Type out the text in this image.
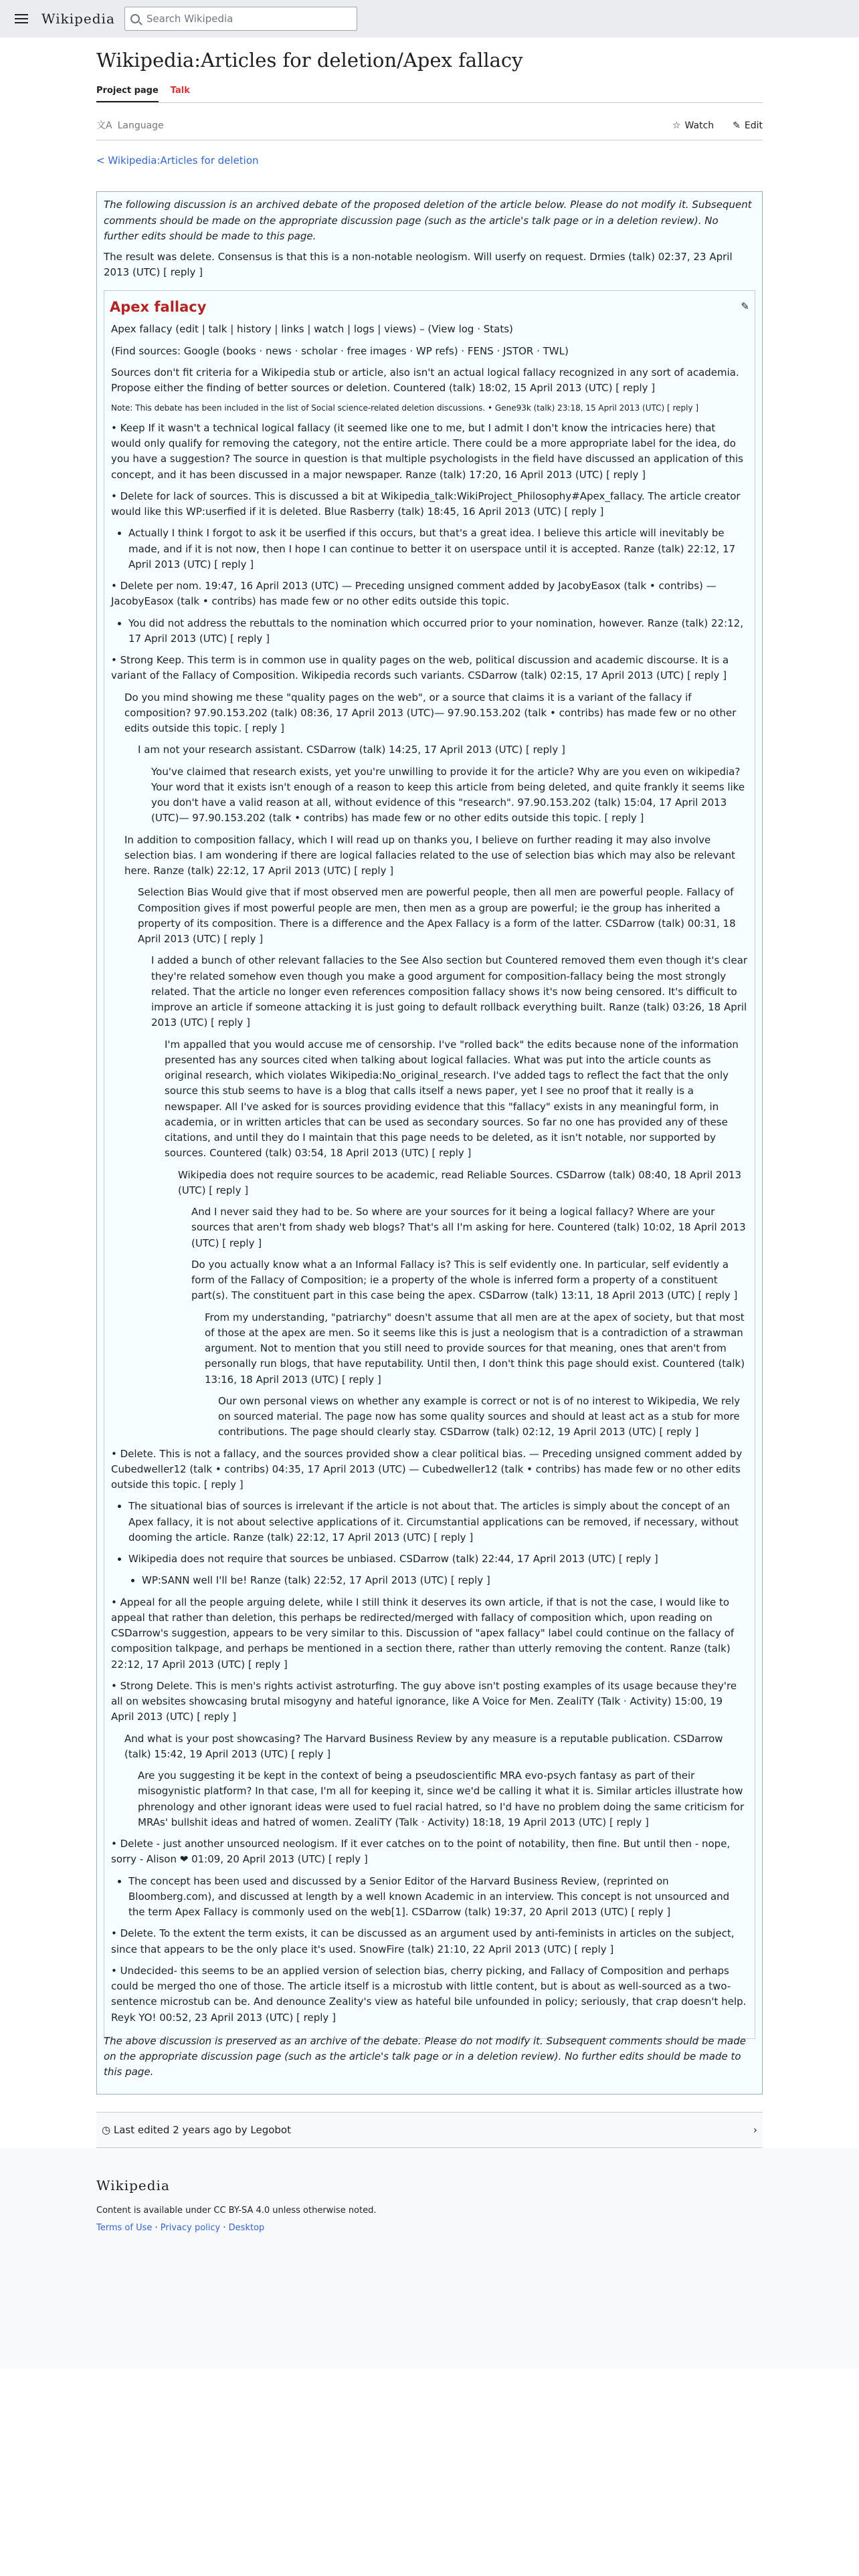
Wikipedia	Search Wikipedia
Wikipedia:Articles for deletion/Apex fallacy
Project page Talk
文A Language	☆ Watch ✎ Edit
< Wikipedia:Articles for deletion

The following discussion is an archived debate of the proposed deletion of the article below. Please do not modify it. Subsequent comments should be made on the appropriate discussion page (such as the article's talk page or in a deletion review). No further edits should be made to this page.

The result was delete. Consensus is that this is a non-notable neologism. Will userfy on request. Drmies (talk) 02:37, 23 April 2013 (UTC) [ reply ]

Apex fallacy	✎
Apex fallacy (edit | talk | history | links | watch | logs | views) – (View log · Stats)
(Find sources: Google (books · news · scholar · free images · WP refs) · FENS · JSTOR · TWL)
Sources don't fit criteria for a Wikipedia stub or article, also isn't an actual logical fallacy recognized in any sort of academia. Propose either the finding of better sources or deletion. Countered (talk) 18:02, 15 April 2013 (UTC) [ reply ]
Note: This debate has been included in the list of Social science-related deletion discussions. • Gene93k (talk) 23:18, 15 April 2013 (UTC) [ reply ]
• Keep If it wasn't a technical logical fallacy (it seemed like one to me, but I admit I don't know the intricacies here) that would only qualify for removing the category, not the entire article. There could be a more appropriate label for the idea, do you have a suggestion? The source in question is that multiple psychologists in the field have discussed an application of this concept, and it has been discussed in a major newspaper. Ranze (talk) 17:20, 16 April 2013 (UTC) [ reply ]
• Delete for lack of sources. This is discussed a bit at Wikipedia_talk:WikiProject_Philosophy#Apex_fallacy. The article creator would like this WP:userfied if it is deleted. Blue Rasberry (talk) 18:45, 16 April 2013 (UTC) [ reply ]
Actually I think I forgot to ask it be userfied if this occurs, but that's a great idea. I believe this article will inevitably be made, and if it is not now, then I hope I can continue to better it on userspace until it is accepted. Ranze (talk) 22:12, 17 April 2013 (UTC) [ reply ]
• Delete per nom. 19:47, 16 April 2013 (UTC) — Preceding unsigned comment added by JacobyEasox (talk • contribs) — JacobyEasox (talk • contribs) has made few or no other edits outside this topic.
You did not address the rebuttals to the nomination which occurred prior to your nomination, however. Ranze (talk) 22:12, 17 April 2013 (UTC) [ reply ]
• Strong Keep. This term is in common use in quality pages on the web, political discussion and academic discourse. It is a variant of the Fallacy of Composition. Wikipedia records such variants. CSDarrow (talk) 02:15, 17 April 2013 (UTC) [ reply ]
Do you mind showing me these "quality pages on the web", or a source that claims it is a variant of the fallacy if composition? 97.90.153.202 (talk) 08:36, 17 April 2013 (UTC)— 97.90.153.202 (talk • contribs) has made few or no other edits outside this topic. [ reply ]
I am not your research assistant. CSDarrow (talk) 14:25, 17 April 2013 (UTC) [ reply ]
You've claimed that research exists, yet you're unwilling to provide it for the article? Why are you even on wikipedia? Your word that it exists isn't enough of a reason to keep this article from being deleted, and quite frankly it seems like you don't have a valid reason at all, without evidence of this "research". 97.90.153.202 (talk) 15:04, 17 April 2013 (UTC)— 97.90.153.202 (talk • contribs) has made few or no other edits outside this topic. [ reply ]
In addition to composition fallacy, which I will read up on thanks you, I believe on further reading it may also involve selection bias. I am wondering if there are logical fallacies related to the use of selection bias which may also be relevant here. Ranze (talk) 22:12, 17 April 2013 (UTC) [ reply ]
Selection Bias Would give that if most observed men are powerful people, then all men are powerful people. Fallacy of Composition gives if most powerful people are men, then men as a group are powerful; ie the group has inherited a property of its composition. There is a difference and the Apex Fallacy is a form of the latter. CSDarrow (talk) 00:31, 18 April 2013 (UTC) [ reply ]
I added a bunch of other relevant fallacies to the See Also section but Countered removed them even though it's clear they're related somehow even though you make a good argument for composition-fallacy being the most strongly related. That the article no longer even references composition fallacy shows it's now being censored. It's difficult to improve an article if someone attacking it is just going to default rollback everything built. Ranze (talk) 03:26, 18 April 2013 (UTC) [ reply ]
I'm appalled that you would accuse me of censorship. I've "rolled back" the edits because none of the information presented has any sources cited when talking about logical fallacies. What was put into the article counts as original research, which violates Wikipedia:No_original_research. I've added tags to reflect the fact that the only source this stub seems to have is a blog that calls itself a news paper, yet I see no proof that it really is a newspaper. All I've asked for is sources providing evidence that this "fallacy" exists in any meaningful form, in academia, or in written articles that can be used as secondary sources. So far no one has provided any of these citations, and until they do I maintain that this page needs to be deleted, as it isn't notable, nor supported by sources. Countered (talk) 03:54, 18 April 2013 (UTC) [ reply ]
Wikipedia does not require sources to be academic, read Reliable Sources. CSDarrow (talk) 08:40, 18 April 2013 (UTC) [ reply ]
And I never said they had to be. So where are your sources for it being a logical fallacy? Where are your sources that aren't from shady web blogs? That's all I'm asking for here. Countered (talk) 10:02, 18 April 2013 (UTC) [ reply ]
Do you actually know what a an Informal Fallacy is? This is self evidently one. In particular, self evidently a form of the Fallacy of Composition; ie a property of the whole is inferred form a property of a constituent part(s). The constituent part in this case being the apex. CSDarrow (talk) 13:11, 18 April 2013 (UTC) [ reply ]
From my understanding, "patriarchy" doesn't assume that all men are at the apex of society, but that most of those at the apex are men. So it seems like this is just a neologism that is a contradiction of a strawman argument. Not to mention that you still need to provide sources for that meaning, ones that aren't from personally run blogs, that have reputability. Until then, I don't think this page should exist. Countered (talk) 13:16, 18 April 2013 (UTC) [ reply ]
Our own personal views on whether any example is correct or not is of no interest to Wikipedia, We rely on sourced material. The page now has some quality sources and should at least act as a stub for more contributions. The page should clearly stay. CSDarrow (talk) 02:12, 19 April 2013 (UTC) [ reply ]
• Delete. This is not a fallacy, and the sources provided show a clear political bias. — Preceding unsigned comment added by Cubedweller12 (talk • contribs) 04:35, 17 April 2013 (UTC) — Cubedweller12 (talk • contribs) has made few or no other edits outside this topic. [ reply ]
The situational bias of sources is irrelevant if the article is not about that. The articles is simply about the concept of an Apex fallacy, it is not about selective applications of it. Circumstantial applications can be removed, if necessary, without dooming the article. Ranze (talk) 22:12, 17 April 2013 (UTC) [ reply ]
Wikipedia does not require that sources be unbiased. CSDarrow (talk) 22:44, 17 April 2013 (UTC) [ reply ]
WP:SANN well I'll be! Ranze (talk) 22:52, 17 April 2013 (UTC) [ reply ]
• Appeal for all the people arguing delete, while I still think it deserves its own article, if that is not the case, I would like to appeal that rather than deletion, this perhaps be redirected/merged with fallacy of composition which, upon reading on CSDarrow's suggestion, appears to be very similar to this. Discussion of "apex fallacy" label could continue on the fallacy of composition talkpage, and perhaps be mentioned in a section there, rather than utterly removing the content. Ranze (talk) 22:12, 17 April 2013 (UTC) [ reply ]
• Strong Delete. This is men's rights activist astroturfing. The guy above isn't posting examples of its usage because they're all on websites showcasing brutal misogyny and hateful ignorance, like A Voice for Men. ZealiTY (Talk · Activity) 15:00, 19 April 2013 (UTC) [ reply ]
And what is your post showcasing? The Harvard Business Review by any measure is a reputable publication. CSDarrow (talk) 15:42, 19 April 2013 (UTC) [ reply ]
Are you suggesting it be kept in the context of being a pseudoscientific MRA evo-psych fantasy as part of their misogynistic platform? In that case, I'm all for keeping it, since we'd be calling it what it is. Similar articles illustrate how phrenology and other ignorant ideas were used to fuel racial hatred, so I'd have no problem doing the same criticism for MRAs' bullshit ideas and hatred of women. ZealiTY (Talk · Activity) 18:18, 19 April 2013 (UTC) [ reply ]
• Delete - just another unsourced neologism. If it ever catches on to the point of notability, then fine. But until then - nope, sorry - Alison ❤ 01:09, 20 April 2013 (UTC) [ reply ]
The concept has been used and discussed by a Senior Editor of the Harvard Business Review, (reprinted on Bloomberg.com), and discussed at length by a well known Academic in an interview. This concept is not unsourced and the term Apex Fallacy is commonly used on the web[1]. CSDarrow (talk) 19:37, 20 April 2013 (UTC) [ reply ]
• Delete. To the extent the term exists, it can be discussed as an argument used by anti-feminists in articles on the subject, since that appears to be the only place it's used. SnowFire (talk) 21:10, 22 April 2013 (UTC) [ reply ]
• Undecided- this seems to be an applied version of selection bias, cherry picking, and Fallacy of Composition and perhaps could be merged tho one of those. The article itself is a microstub with little content, but is about as well-sourced as a two-sentence microstub can be. And denounce Zeality's view as hateful bile unfounded in policy; seriously, that crap doesn't help. Reyk YO! 00:52, 23 April 2013 (UTC) [ reply ]

The above discussion is preserved as an archive of the debate. Please do not modify it. Subsequent comments should be made on the appropriate discussion page (such as the article's talk page or in a deletion review). No further edits should be made to this page.

◷ Last edited 2 years ago by Legobot	›
Wikipedia
Content is available under CC BY-SA 4.0 unless otherwise noted.
Terms of Use · Privacy policy · Desktop
